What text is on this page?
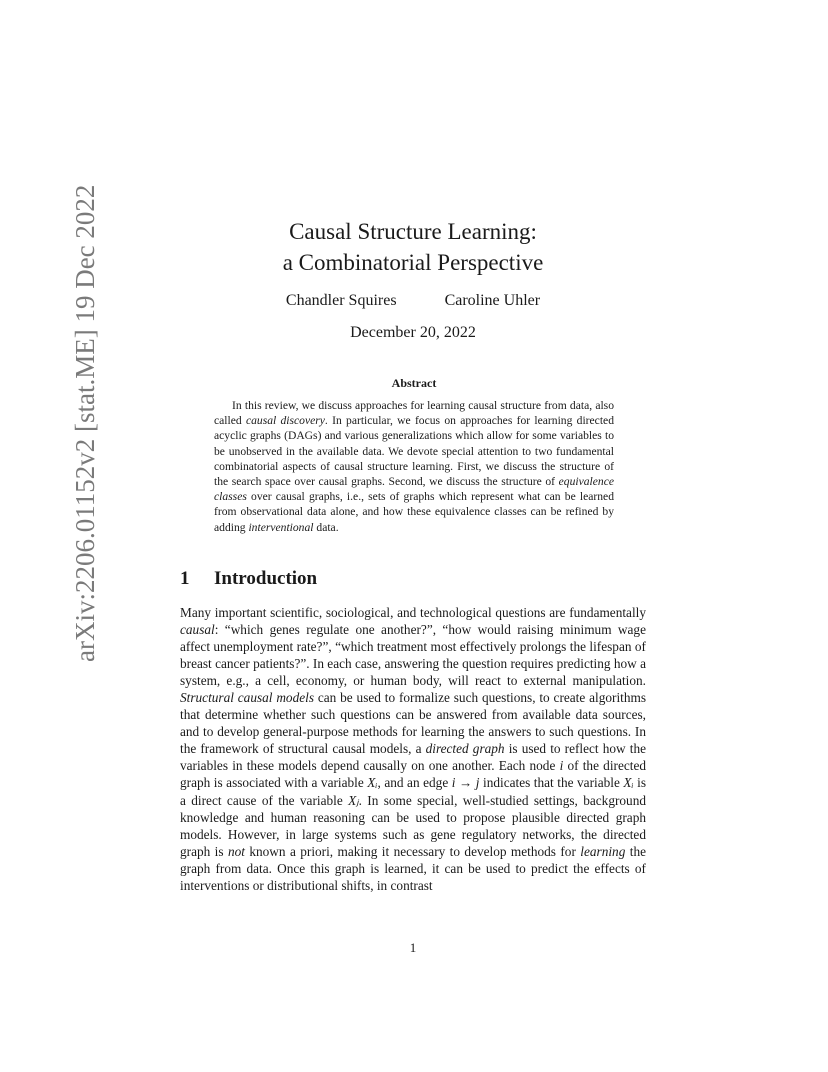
arXiv:2206.01152v2 [stat.ME] 19 Dec 2022	Causal Structure Learning:
a Combinatorial Perspective
Chandler Squires	Caroline Uhler
December 20, 2022
Abstract
In this review, we discuss approaches for learning causal structure from data, also called causal discovery. In particular, we focus on approaches for learning directed acyclic graphs (DAGs) and various generalizations which allow for some variables to be unobserved in the available data. We devote special attention to two fundamental combinatorial aspects of causal structure learning. First, we discuss the structure of the search space over causal graphs. Second, we discuss the structure of equivalence classes over causal graphs, i.e., sets of graphs which represent what can be learned from observational data alone, and how these equivalence classes can be refined by adding interventional data.
1 Introduction
Many important scientific, sociological, and technological questions are fundamentally causal: “which genes regulate one another?”, “how would raising minimum wage affect unemployment rate?”, “which treatment most effectively prolongs the lifespan of breast cancer patients?”. In each case, answering the question requires predicting how a system, e.g., a cell, economy, or human body, will react to external manipulation. Structural causal models can be used to formalize such questions, to create algorithms that determine whether such questions can be answered from available data sources, and to develop general-purpose methods for learning the answers to such questions. In the framework of structural causal models, a directed graph is used to reflect how the variables in these models depend causally on one another. Each node i of the directed graph is associated with a variable Xᵢ, and an edge i → j indicates that the variable Xᵢ is a direct cause of the variable Xⱼ. In some special, well-studied settings, background knowledge and human reasoning can be used to propose plausible directed graph models. However, in large systems such as gene regulatory networks, the directed graph is not known a priori, making it necessary to develop methods for learning the graph from data. Once this graph is learned, it can be used to predict the effects of interventions or distributional shifts, in contrast
1
